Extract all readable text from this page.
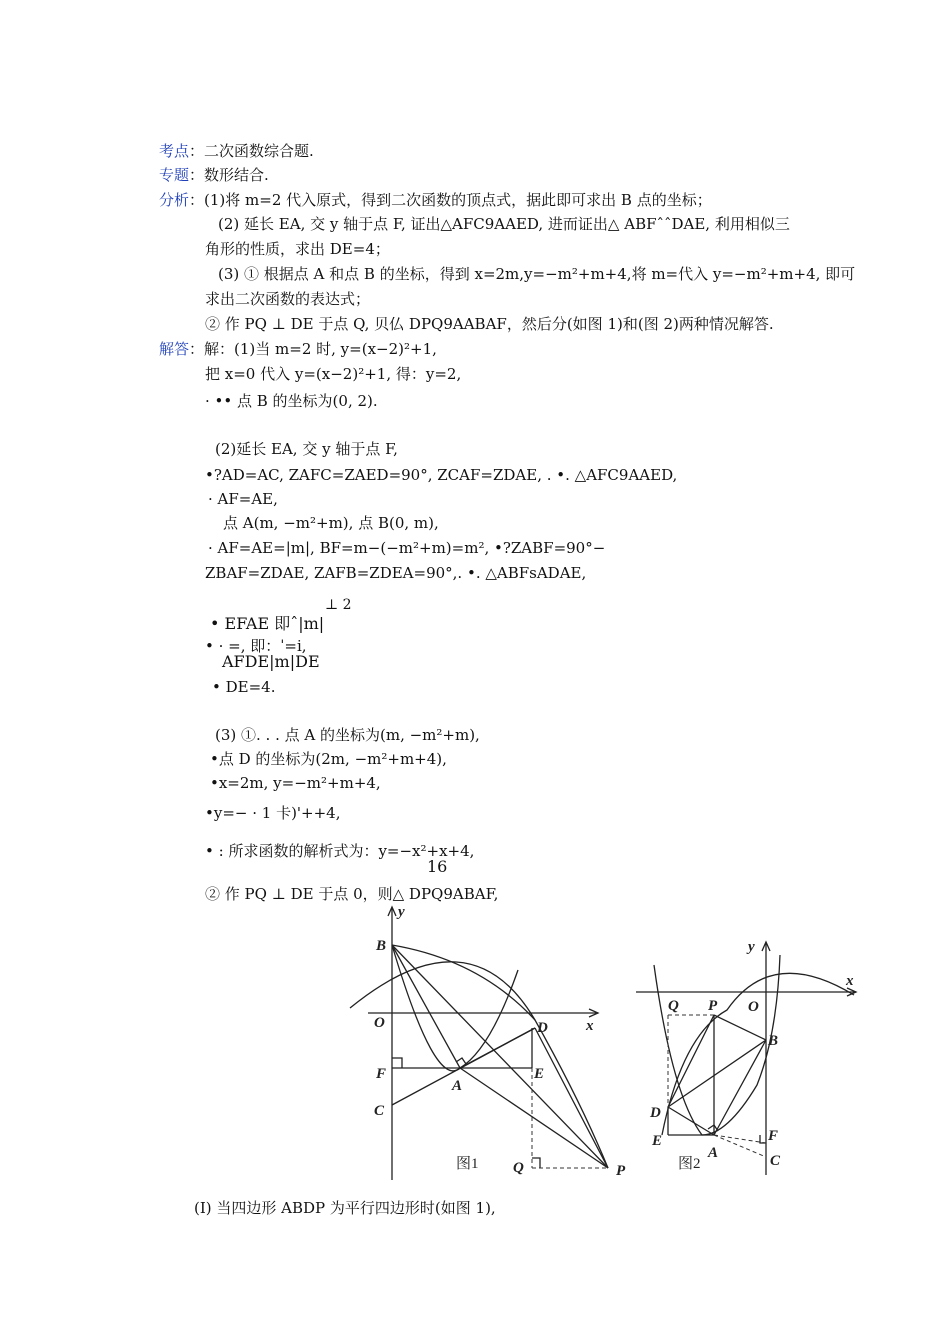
考点：二次函数综合题.
专题：数形结合.
分析：(1)将 m=2 代入原式，得到二次函数的顶点式，据此即可求出 B 点的坐标；
(2) 延长 EA, 交 y 轴于点 F, 证出△AFC9AAED, 进而证出△ ABFˆˆDAE, 利用相似三
角形的性质，求出 DE=4；
(3) ① 根据点 A 和点 B 的坐标，得到 x=2m,y=−m²+m+4,将 m=代入 y=−m²+m+4, 即可
求出二次函数的表达式；
② 作 PQ ⊥ DE 于点 Q, 贝仏 DPQ9AABAF，然后分(如图 1)和(图 2)两种情况解答.
解答：解：(1)当 m=2 时, y=(x−2)²+1,
把 x=0 代入 y=(x−2)²+1, 得：y=2,
· •• 点 B 的坐标为(0, 2).
(2)延长 EA, 交 y 轴于点 F,
•?AD=AC, ZAFC=ZAED=90°, ZCAF=ZDAE, . •. △AFC9AAED,
· AF=AE,
点 A(m, −m²+m), 点 B(0, m),
· AF=AE=|m|, BF=m−(−m²+m)=m², •?ZABF=90°−
ZBAF=ZDAE, ZAFB=ZDEA=90°,. •. △ABFsADAE,
⊥ 2
• EFAE 即ˆ|m|
• · =, 即：ˈ=i,
AFDE|m|DE
• DE=4.
(3) ①. . . 点 A 的坐标为(m, −m²+m),
•点 D 的坐标为(2m, −m²+m+4),
•x=2m, y=−m²+m+4,
•y=− · 1 卡)'++4,
• : 所求函数的解析式为：y=−x²+x+4,
16
② 作 PQ ⊥ DE 于点 0，则△ DPQ9ABAF,
B
O
F
C
A
D
E
Q	P
x
y
图1
Q P O
B
D
E
A
F
C
x
y
图2
(I) 当四边形 ABDP 为平行四边形时(如图 1),
